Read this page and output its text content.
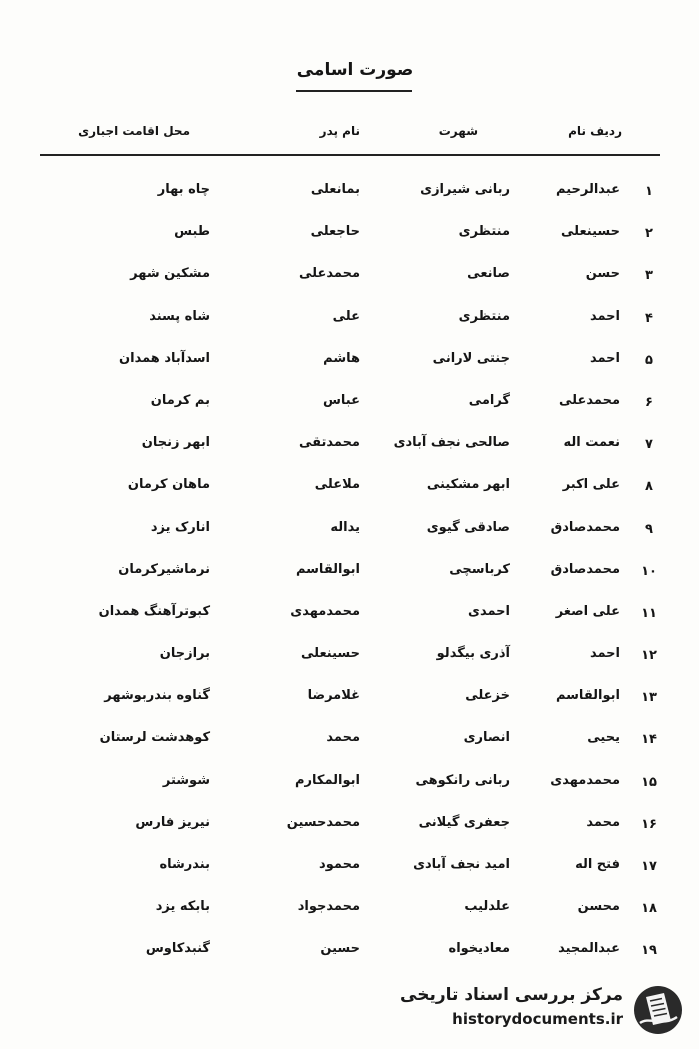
صورت اسامی
ردیف نام
شهرت
نام پدر
محل اقامت اجباری
۱
عبدالرحیم
ربانی شیرازی
بمانعلی
چاه بهار
۲
حسینعلی
منتظری
حاجعلی
طبس
۳
حسن
صانعی
محمدعلی
مشکین شهر
۴
احمد
منتظری
علی
شاه پسند
۵
احمد
جنتی لارانی
هاشم
اسدآباد همدان
۶
محمدعلی
گرامی
عباس
بم کرمان
۷
نعمت اله
صالحی نجف آبادی
محمدتقی
ابهر زنجان
۸
علی اکبر
ابهر مشکینی
ملاعلی
ماهان کرمان
۹
محمدصادق
صادقی گیوی
یداله
انارک یزد
۱۰
محمدصادق
کرباسچی
ابوالقاسم
نرماشیرکرمان
۱۱
علی اصغر
احمدی
محمدمهدی
کبوترآهنگ همدان
۱۲
احمد
آذری بیگدلو
حسینعلی
برازجان
۱۳
ابوالقاسم
خزعلی
غلامرضا
گناوه بندربوشهر
۱۴
یحیی
انصاری
محمد
کوهدشت لرستان
۱۵
محمدمهدی
ربانی رانکوهی
ابوالمکارم
شوشتر
۱۶
محمد
جعفری گیلانی
محمدحسین
نیریز فارس
۱۷
فتح اله
امید نجف آبادی
محمود
بندرشاه
۱۸
محسن
علدلیب
محمدجواد
بابکه یزد
۱۹
عبدالمجید
معادیخواه
حسین
گنبدکاوس
مرکز بررسی اسناد تاریخی
historydocuments.ir
